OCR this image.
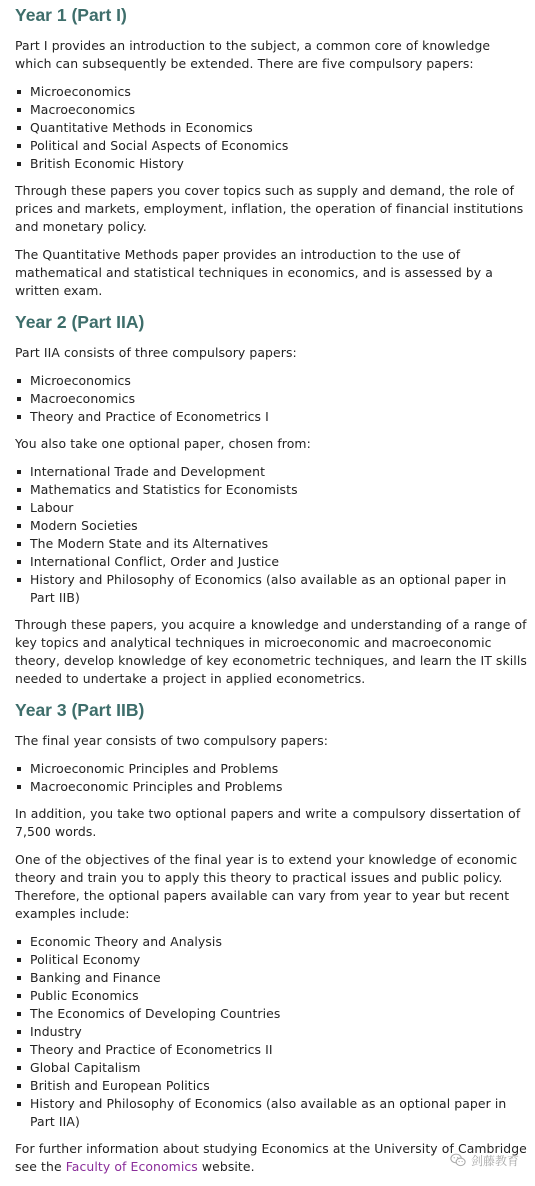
Year 1 (Part I)

Part I provides an introduction to the subject, a common core of knowledge which can subsequently be extended. There are five compulsory papers:

Microeconomics
Macroeconomics
Quantitative Methods in Economics
Political and Social Aspects of Economics
British Economic History

Through these papers you cover topics such as supply and demand, the role of prices and markets, employment, inflation, the operation of financial institutions and monetary policy.

The Quantitative Methods paper provides an introduction to the use of mathematical and statistical techniques in economics, and is assessed by a written exam.

Year 2 (Part IIA)

Part IIA consists of three compulsory papers:

Microeconomics
Macroeconomics
Theory and Practice of Econometrics I

You also take one optional paper, chosen from:

International Trade and Development
Mathematics and Statistics for Economists
Labour
Modern Societies
The Modern State and its Alternatives
International Conflict, Order and Justice
History and Philosophy of Economics (also available as an optional paper in Part IIB)

Through these papers, you acquire a knowledge and understanding of a range of key topics and analytical techniques in microeconomic and macroeconomic theory, develop knowledge of key econometric techniques, and learn the IT skills needed to undertake a project in applied econometrics.

Year 3 (Part IIB)

The final year consists of two compulsory papers:

Microeconomic Principles and Problems
Macroeconomic Principles and Problems

In addition, you take two optional papers and write a compulsory dissertation of 7,500 words.

One of the objectives of the final year is to extend your knowledge of economic theory and train you to apply this theory to practical issues and public policy. Therefore, the optional papers available can vary from year to year but recent examples include:

Economic Theory and Analysis
Political Economy
Banking and Finance
Public Economics
The Economics of Developing Countries
Industry
Theory and Practice of Econometrics II
Global Capitalism
British and European Politics
History and Philosophy of Economics (also available as an optional paper in Part IIA)

For further information about studying Economics at the University of Cambridge see the Faculty of Economics website.	剑藤教育
